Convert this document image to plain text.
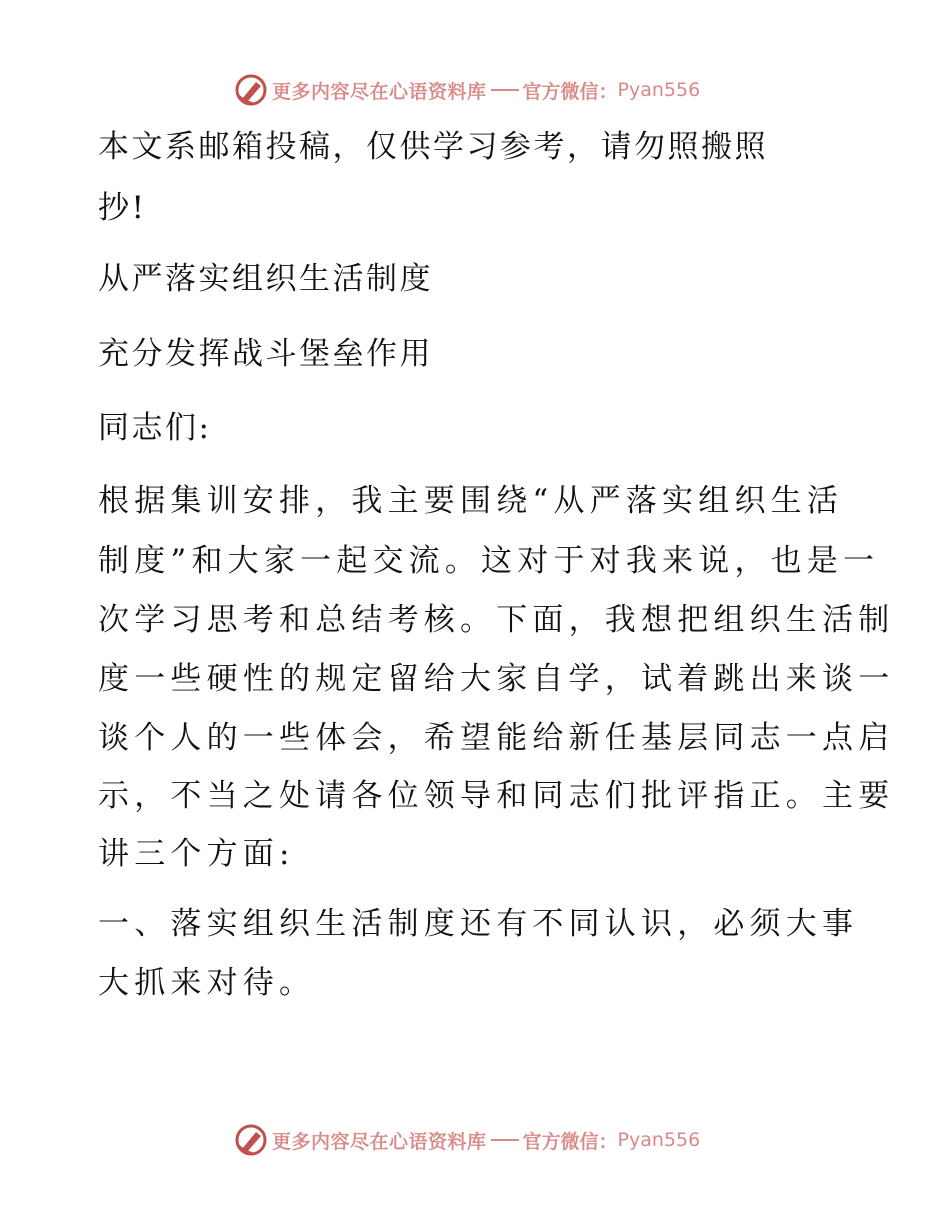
更多内容尽在心语资料库 官方微信： Pyan556
本文系邮箱投稿，仅供学习参考，请勿照搬照
抄!
从严落实组织生活制度
充分发挥战斗堡垒作用
同志们:
根据集训安排，我主要围绕“从严落实组织生活
制度”和大家一起交流。这对于对我来说，也是一
次学习思考和总结考核。下面，我想把组织生活制
度一些硬性的规定留给大家自学，试着跳出来谈一
谈个人的一些体会，希望能给新任基层同志一点启
示，不当之处请各位领导和同志们批评指正。主要
讲三个方面:
一、落实组织生活制度还有不同认识，必须大事
大抓来对待。
更多内容尽在心语资料库 官方微信： Pyan556
